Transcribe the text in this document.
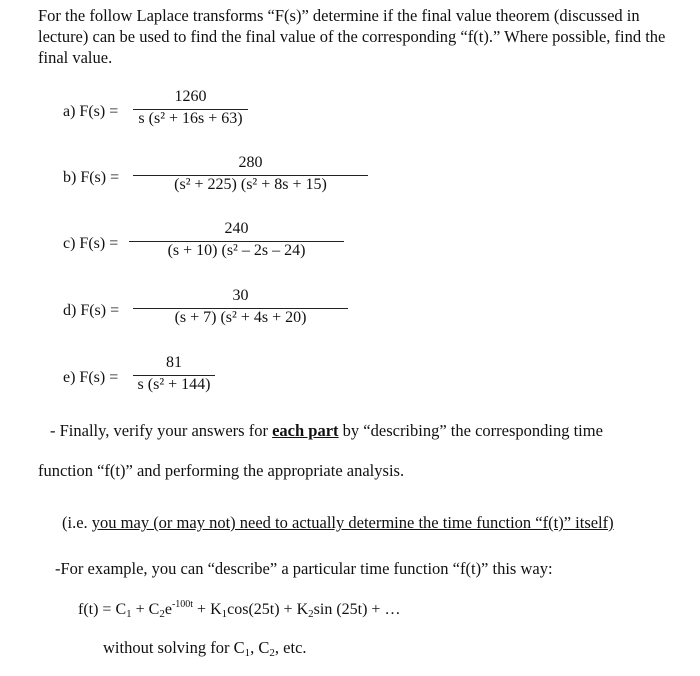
For the follow Laplace transforms “F(s)” determine if the final value theorem (discussed in lecture) can be used to find the final value of the corresponding “f(t).” Where possible, find the final value.
a) F(s) =
1260
s (s² + 16s + 63)
b) F(s) =
280
(s² + 225) (s² + 8s + 15)
c) F(s) =
240
(s + 10) (s² – 2s – 24)
d) F(s) =
30
(s + 7) (s² + 4s + 20)
e) F(s) =
81
s (s² + 144)
- Finally, verify your answers for each part by “describing” the corresponding time
function “f(t)” and performing the appropriate analysis.
(i.e. you may (or may not) need to actually determine the time function “f(t)” itself)
-For example, you can “describe” a particular time function “f(t)” this way:
$f(t) = C_1 + C_2e^{-100t} + K_1\cos(25t) + K_2\sin$ (25t) + …
without solving for $C_1$, $C_2$, etc.
